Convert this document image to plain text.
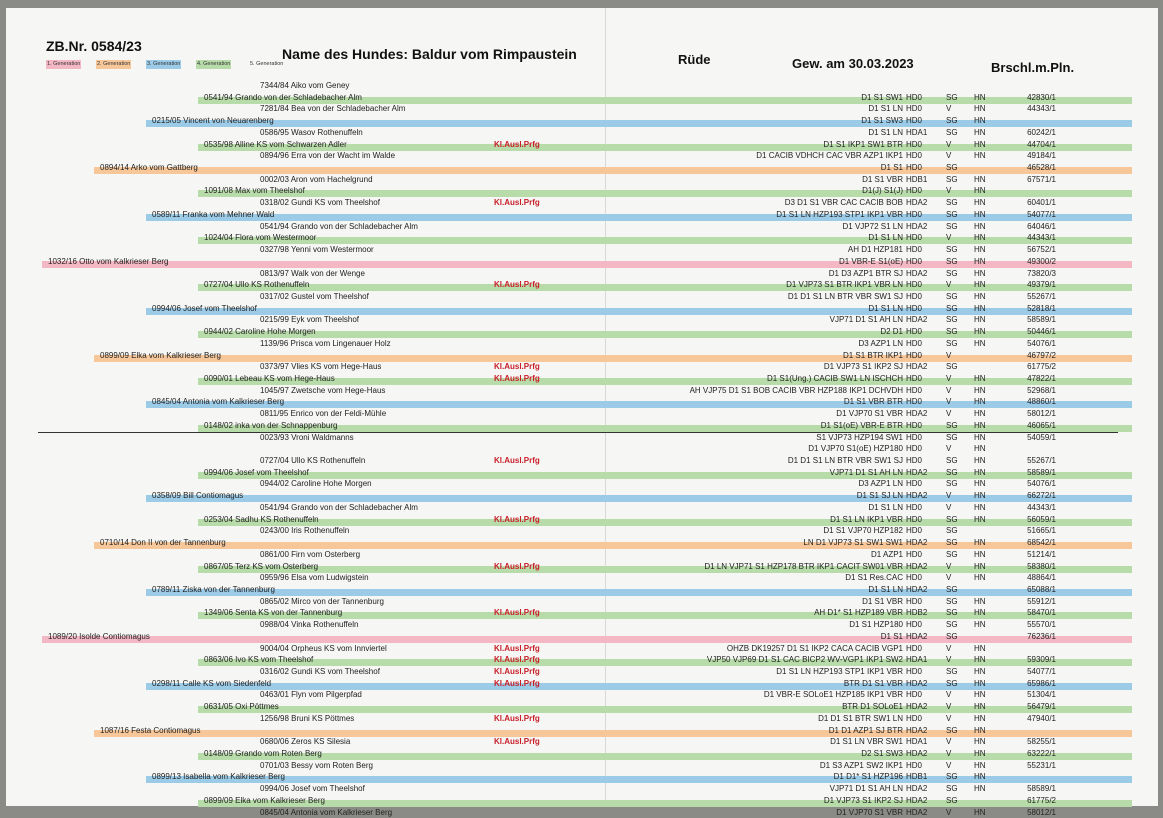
ZB.Nr. 0584/23	Name des Hundes: Baldur vom Rimpaustein	Rüde	Gew. am 30.03.2023	Brschl.m.Pln.
1. Generation	2. Generation	3. Generation	4. Generation	5. Generation
7344/84 Aiko vom Geney
0541/94 Grando von der Schladebacher Alm	D1 S1 SW1 HD0	SG	HN	42830/1
7281/84 Bea von der Schladebacher Alm	D1 S1 LN HD0	V	HN	44343/1
0215/05 Vincent von Neuarenberg	D1 S1 SW3 HD0	SG	HN
0586/95 Wasov Rothenuffeln	D1 S1 LN HDA1	SG	HN	60242/1
0535/98 Alline KS vom Schwarzen Adler	Kl.Ausl.Prfg	D1 S1 IKP1 SW1 BTR HD0	V	HN	44704/1
0894/96 Erra von der Wacht im Walde	D1 CACIB VDHCH CAC VBR AZP1 IKP1 HD0	V	HN	49184/1
0894/14 Arko vom Gattberg	D1 S1 HD0	SG	46528/1
0002/03 Aron vom Hachelgrund	D1 S1 VBR HDB1	SG	HN	67571/1
1091/08 Max vom Theelshof	D1(J) S1(J) HD0	V	HN
0318/02 Gundi KS vom Theelshof	Kl.Ausl.Prfg	D3 D1 S1 VBR CAC CACIB BOB HDA2	SG	HN	60401/1
0589/11 Franka vom Mehner Wald	D1 S1 LN HZP193 STP1 IKP1 VBR HD0	SG	HN	54077/1
0541/94 Grando von der Schladebacher Alm	D1 VJP72 S1 LN HDA2	SG	HN	64046/1
1024/04 Flora vom Westermoor	D1 S1 LN HD0	V	HN	44343/1
0327/98 Yenni vom Westermoor	AH D1 HZP181 HD0	SG	HN	56752/1
1032/16 Otto vom Kalkrieser Berg	D1 VBR-E S1(oE) HD0	SG	HN	49300/2
0813/97 Walk von der Wenge	D1 D3 AZP1 BTR SJ HDA2	SG	HN	73820/3
0727/04 Ullo KS Rothenuffeln	Kl.Ausl.Prfg	D1 VJP73 S1 BTR IKP1 VBR LN HD0	V	HN	49379/1
0317/02 Gustel vom Theelshof	D1 D1 S1 LN BTR VBR SW1 SJ HD0	SG	HN	55267/1
0994/06 Josef vom Theelshof	D1 S1 LN HD0	SG	HN	52818/1
0215/99 Eyk vom Theelshof	VJP71 D1 S1 AH LN HDA2	SG	HN	58589/1
0944/02 Caroline Hohe Morgen	D2 D1 HD0	SG	HN	50446/1
1139/96 Prisca vom Lingenauer Holz	D3 AZP1 LN HD0	SG	HN	54076/1
0899/09 Elka vom Kalkrieser Berg	D1 S1 BTR IKP1 HD0	V	46797/2
0373/97 Vlies KS vom Hege-Haus	Kl.Ausl.Prfg	D1 VJP73 S1 IKP2 SJ HDA2	SG	61775/2
0090/01 Lebeau KS vom Hege-Haus	Kl.Ausl.Prfg	D1 S1(Ung.) CACIB SW1 LN ISCHCH HD0	V	HN	47822/1
1045/97 Zwetsche vom Hege-Haus	AH VJP75 D1 S1 BOB CACIB VBR HZP188 IKP1 DCHVDH HD0	V	HN	52968/1
0845/04 Antonia vom Kalkrieser Berg	D1 S1 VBR BTR HD0	V	HN	48860/1
0811/95 Enrico von der Feldi-Mühle	D1 VJP70 S1 VBR HDA2	V	HN	58012/1
0148/02 inka von der Schnappenburg	D1 S1(oE) VBR-E BTR HD0	SG	HN	46065/1
0023/93 Vroni Waldmanns	S1 VJP73 HZP194 SW1 HD0	SG	HN	54059/1
D1 VJP70 S1(oE) HZP180 HD0	V	HN
0727/04 Ullo KS Rothenuffeln	Kl.Ausl.Prfg	D1 D1 S1 LN BTR VBR SW1 SJ HD0	SG	HN	55267/1
0994/06 Josef vom Theelshof	VJP71 D1 S1 AH LN HDA2	SG	HN	58589/1
0944/02 Caroline Hohe Morgen	D3 AZP1 LN HD0	SG	HN	54076/1
0358/09 Bill Contiomagus	D1 S1 SJ LN HDA2	V	HN	66272/1
0541/94 Grando von der Schladebacher Alm	D1 S1 LN HD0	V	HN	44343/1
0253/04 Sadhu KS Rothenuffeln	Kl.Ausl.Prfg	D1 S1 LN IKP1 VBR HD0	SG	HN	56059/1
0243/00 Iris Rothenuffeln	D1 S1 VJP70 HZP182 HD0	SG	51665/1
0710/14 Don II von der Tannenburg	LN D1 VJP73 S1 SW1 SW1 HDA2	SG	HN	68542/1
0861/00 Firn vom Osterberg	D1 AZP1 HD0	SG	HN	51214/1
0867/05 Terz KS vom Osterberg	Kl.Ausl.Prfg	D1 LN VJP71 S1 HZP178 BTR IKP1 CACIT SW01 VBR HDA2	V	HN	58380/1
0959/96 Elsa vom Ludwigstein	D1 S1 Res.CAC HD0	V	HN	48864/1
0789/11 Ziska von der Tannenburg	D1 S1 LN HDA2	SG	65088/1
0865/02 Mirco von der Tannenburg	D1 S1 VBR HD0	SG	HN	55912/1
1349/06 Senta KS von der Tannenburg	Kl.Ausl.Prfg	AH D1* S1 HZP189 VBR HDB2	SG	HN	58470/1
0988/04 Vinka Rothenuffeln	D1 S1 HZP180 HD0	SG	HN	55570/1
1089/20 Isolde Contiomagus	D1 S1 HDA2	SG	76236/1
9004/04 Orpheus KS vom Innviertel	Kl.Ausl.Prfg	OHZB DK19257 D1 S1 IKP2 CACA CACIB VGP1 HD0	V	HN
0863/06 Ivo KS vom Theelshof	Kl.Ausl.Prfg	VJP50 VJP69 D1 S1 CAC BICP2 WV-VGP1 IKP1 SW2 HDA1	V	HN	59309/1
0316/02 Gundi KS vom Theelshof	Kl.Ausl.Prfg	D1 S1 LN HZP193 STP1 IKP1 VBR HD0	SG	HN	54077/1
0298/11 Calle KS vom Siedenfeld	Kl.Ausl.Prfg	BTR D1 S1 VBR HDA2	SG	HN	65986/1
0463/01 Flyn vom Pilgerpfad	D1 VBR-E SOLoE1 HZP185 IKP1 VBR HD0	V	HN	51304/1
0631/05 Oxi Pöttmes	BTR D1 SOLoE1 HDA2	V	HN	56479/1
1256/98 Bruni KS Pöttmes	Kl.Ausl.Prfg	D1 D1 S1 BTR SW1 LN HD0	V	HN	47940/1
1087/16 Festa Contiomagus	D1 D1 AZP1 SJ BTR HDA2	SG	HN
0680/06 Zeros KS Silesia	Kl.Ausl.Prfg	D1 S1 LN VBR SW1 HDA1	V	HN	58255/1
0148/09 Grando vom Roten Berg	D2 S1 SW3 HDA2	V	HN	63222/1
0701/03 Bessy vom Roten Berg	D1 S3 AZP1 SW2 IKP1 HD0	V	HN	55231/1
0899/13 Isabella vom Kalkrieser Berg	D1 D1* S1 HZP196 HDB1	SG	HN
0994/06 Josef vom Theelshof	VJP71 D1 S1 AH LN HDA2	SG	HN	58589/1
0899/09 Elka vom Kalkrieser Berg	D1 VJP73 S1 IKP2 SJ HDA2	SG	61775/2
0845/04 Antonia vom Kalkrieser Berg	D1 VJP70 S1 VBR HDA2	V	HN	58012/1
